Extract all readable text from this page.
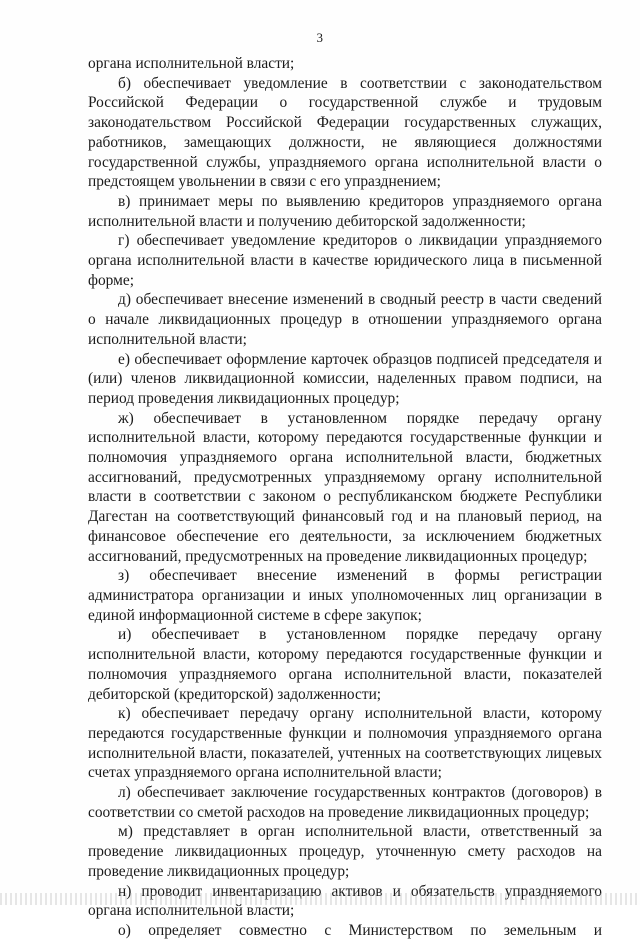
3

органа исполнительной власти;

б) обеспечивает уведомление в соответствии с законодательством Российской Федерации о государственной службе и трудовым законодательством Российской Федерации государственных служащих, работников, замещающих должности, не являющиеся должностями государственной службы, упраздняемого органа исполнительной власти о предстоящем увольнении в связи с его упразднением;

в) принимает меры по выявлению кредиторов упраздняемого органа исполнительной власти и получению дебиторской задолженности;

г) обеспечивает уведомление кредиторов о ликвидации упраздняемого органа исполнительной власти в качестве юридического лица в письменной форме;

д) обеспечивает внесение изменений в сводный реестр в части сведений о начале ликвидационных процедур в отношении упраздняемого органа исполнительной власти;

е) обеспечивает оформление карточек образцов подписей председателя и (или) членов ликвидационной комиссии, наделенных правом подписи, на период проведения ликвидационных процедур;

ж) обеспечивает в установленном порядке передачу органу исполнительной власти, которому передаются государственные функции и полномочия упраздняемого органа исполнительной власти, бюджетных ассигнований, предусмотренных упраздняемому органу исполнительной власти в соответствии с законом о республиканском бюджете Республики Дагестан на соответствующий финансовый год и на плановый период, на финансовое обеспечение его деятельности, за исключением бюджетных ассигнований, предусмотренных на проведение ликвидационных процедур;

з) обеспечивает внесение изменений в формы регистрации администратора организации и иных уполномоченных лиц организации в единой информационной системе в сфере закупок;

и) обеспечивает в установленном порядке передачу органу исполнительной власти, которому передаются государственные функции и полномочия упраздняемого органа исполнительной власти, показателей дебиторской (кредиторской) задолженности;

к) обеспечивает передачу органу исполнительной власти, которому передаются государственные функции и полномочия упраздняемого органа исполнительной власти, показателей, учтенных на соответствующих лицевых счетах упраздняемого органа исполнительной власти;

л) обеспечивает заключение государственных контрактов (договоров) в соответствии со сметой расходов на проведение ликвидационных процедур;

м) представляет в орган исполнительной власти, ответственный за проведение ликвидационных процедур, уточненную смету расходов на проведение ликвидационных процедур;

н) проводит инвентаризацию активов и обязательств упраздняемого органа исполнительной власти;

о) определяет совместно с Министерством по земельным и
